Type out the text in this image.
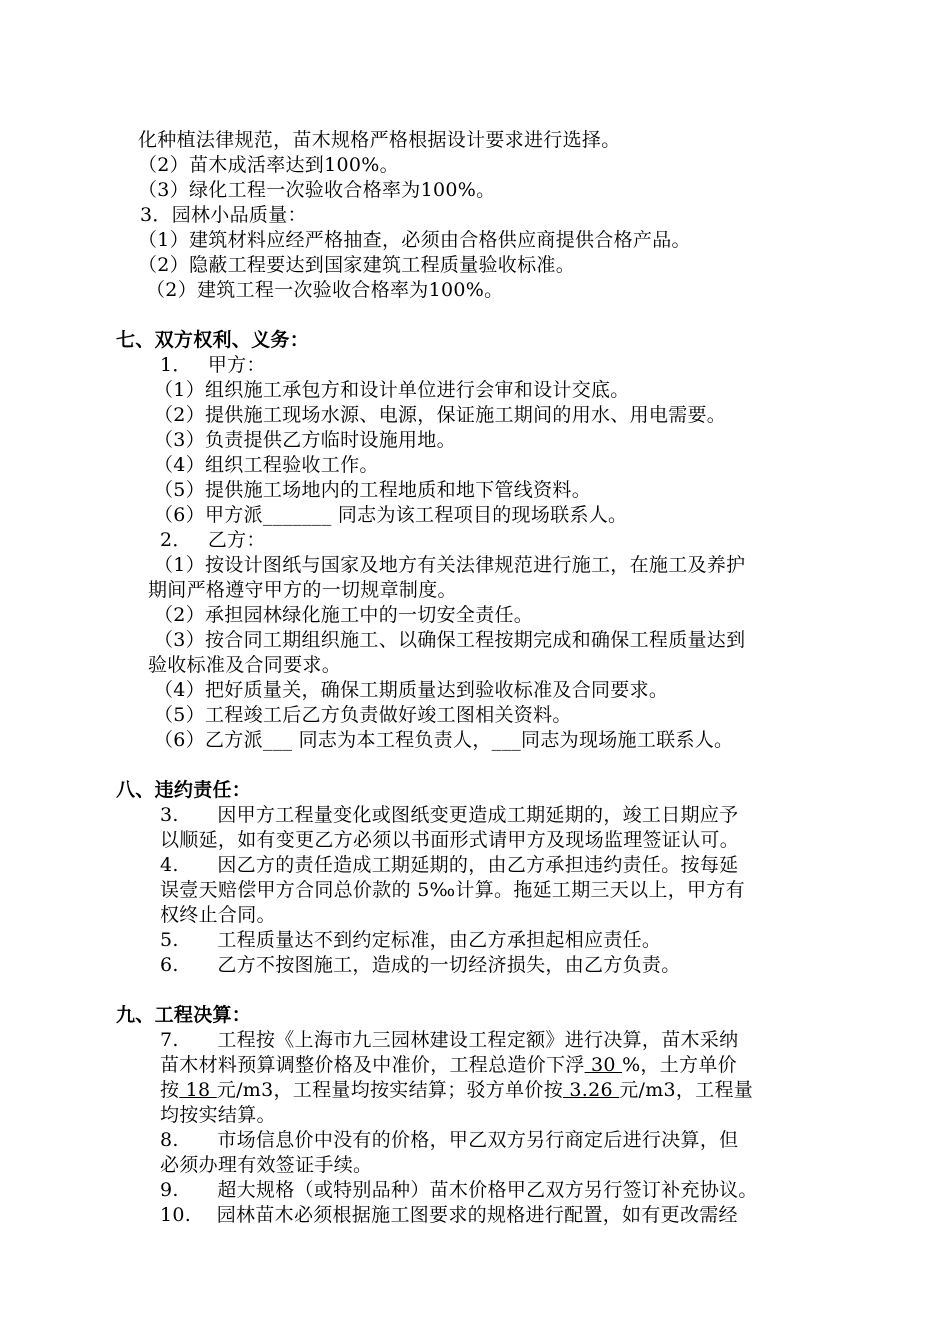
化种植法律规范，苗木规格严格根据设计要求进行选择。
（2）苗木成活率达到100%。
（3）绿化工程一次验收合格率为100%。
3．园林小品质量：
（1）建筑材料应经严格抽查，必须由合格供应商提供合格产品。
（2）隐蔽工程要达到国家建筑工程质量验收标准。
（2）建筑工程一次验收合格率为100%。
七、双方权利、义务：
1．　 甲方：
（1）组织施工承包方和设计单位进行会审和设计交底。
（2）提供施工现场水源、电源，保证施工期间的用水、用电需要。
（3）负责提供乙方临时设施用地。
（4）组织工程验收工作。
（5）提供施工场地内的工程地质和地下管线资料。
（6）甲方派_______ 同志为该工程项目的现场联系人。
2．　 乙方：
（1）按设计图纸与国家及地方有关法律规范进行施工，在施工及养护
期间严格遵守甲方的一切规章制度。
（2）承担园林绿化施工中的一切安全责任。
（3）按合同工期组织施工、以确保工程按期完成和确保工程质量达到
验收标准及合同要求。
（4）把好质量关，确保工期质量达到验收标准及合同要求。
（5）工程竣工后乙方负责做好竣工图相关资料。
（6）乙方派___ 同志为本工程负责人，___同志为现场施工联系人。
八、违约责任：
3.　　因甲方工程量变化或图纸变更造成工期延期的，竣工日期应予
以顺延，如有变更乙方必须以书面形式请甲方及现场监理签证认可。
4.　　因乙方的责任造成工期延期的，由乙方承担违约责任。按每延
误壹天赔偿甲方合同总价款的 5‰计算。拖延工期三天以上，甲方有
权终止合同。
5.　　工程质量达不到约定标准，由乙方承担起相应责任。
6.　　乙方不按图施工，造成的一切经济损失，由乙方负责。
九、工程决算：
7.　　工程按《上海市九三园林建设工程定额》进行决算，苗木采纳
苗木材料预算调整价格及中准价，工程总造价下浮 30 %，土方单价
按 18 元/m3，工程量均按实结算；驳方单价按 3.26 元/m3，工程量
均按实结算。
8.　　市场信息价中没有的价格，甲乙双方另行商定后进行决算，但
必须办理有效签证手续。
9.　　超大规格（或特别品种）苗木价格甲乙双方另行签订补充协议。
10.　 园林苗木必须根据施工图要求的规格进行配置，如有更改需经
